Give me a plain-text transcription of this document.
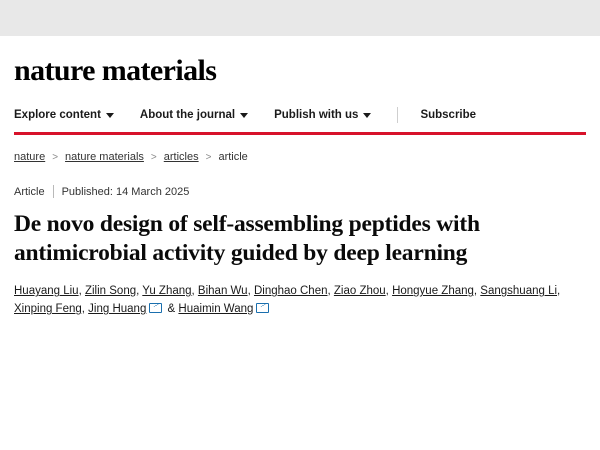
nature materials
Explore content	About the journal	Publish with us	Subscribe
nature > nature materials > articles > article
Article Published: 14 March 2025
De novo design of self-assembling peptides with antimicrobial activity guided by deep learning
Huayang Liu, Zilin Song, Yu Zhang, Bihan Wu, Dinghao Chen, Ziao Zhou, Hongyue Zhang, Sangshuang Li, Xinping Feng, Jing Huang & Huaimin Wang
